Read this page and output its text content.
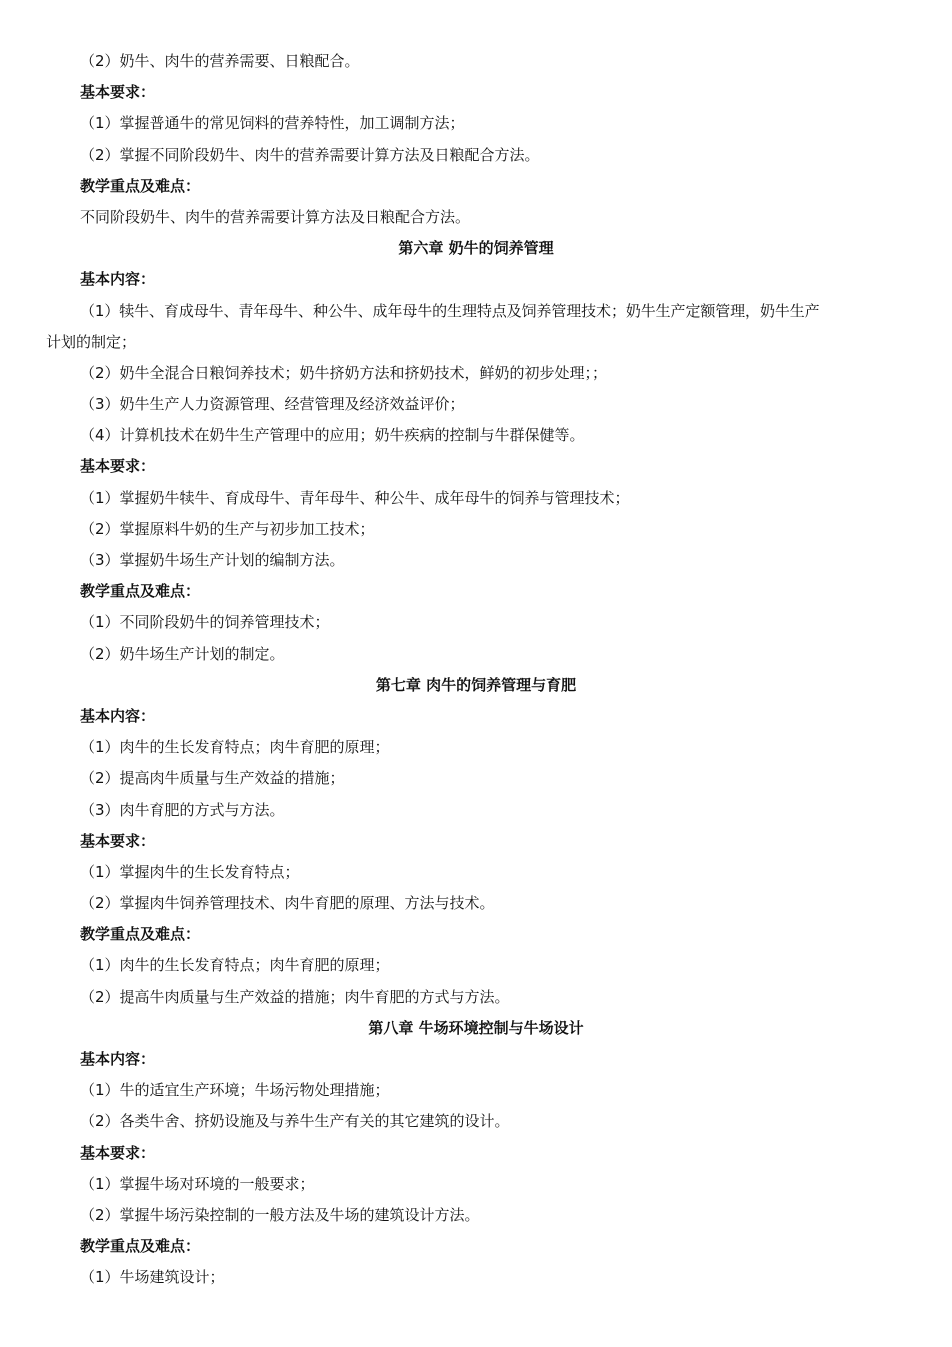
（2）奶牛、肉牛的营养需要、日粮配合。
基本要求：
（1）掌握普通牛的常见饲料的营养特性，加工调制方法；
（2）掌握不同阶段奶牛、肉牛的营养需要计算方法及日粮配合方法。
教学重点及难点：
不同阶段奶牛、肉牛的营养需要计算方法及日粮配合方法。
第六章 奶牛的饲养管理
基本内容：
（1）犊牛、育成母牛、青年母牛、种公牛、成年母牛的生理特点及饲养管理技术；奶牛生产定额管理，奶牛生产
计划的制定；
（2）奶牛全混合日粮饲养技术；奶牛挤奶方法和挤奶技术，鲜奶的初步处理；；
（3）奶牛生产人力资源管理、经营管理及经济效益评价；
（4）计算机技术在奶牛生产管理中的应用；奶牛疾病的控制与牛群保健等。
基本要求：
（1）掌握奶牛犊牛、育成母牛、青年母牛、种公牛、成年母牛的饲养与管理技术；
（2）掌握原料牛奶的生产与初步加工技术；
（3）掌握奶牛场生产计划的编制方法。
教学重点及难点：
（1）不同阶段奶牛的饲养管理技术；
（2）奶牛场生产计划的制定。
第七章 肉牛的饲养管理与育肥
基本内容：
（1）肉牛的生长发育特点；肉牛育肥的原理；
（2）提高肉牛质量与生产效益的措施；
（3）肉牛育肥的方式与方法。
基本要求：
（1）掌握肉牛的生长发育特点；
（2）掌握肉牛饲养管理技术、肉牛育肥的原理、方法与技术。
教学重点及难点：
（1）肉牛的生长发育特点；肉牛育肥的原理；
（2）提高牛肉质量与生产效益的措施；肉牛育肥的方式与方法。
第八章 牛场环境控制与牛场设计
基本内容：
（1）牛的适宜生产环境；牛场污物处理措施；
（2）各类牛舍、挤奶设施及与养牛生产有关的其它建筑的设计。
基本要求：
（1）掌握牛场对环境的一般要求；
（2）掌握牛场污染控制的一般方法及牛场的建筑设计方法。
教学重点及难点：
（1）牛场建筑设计；
